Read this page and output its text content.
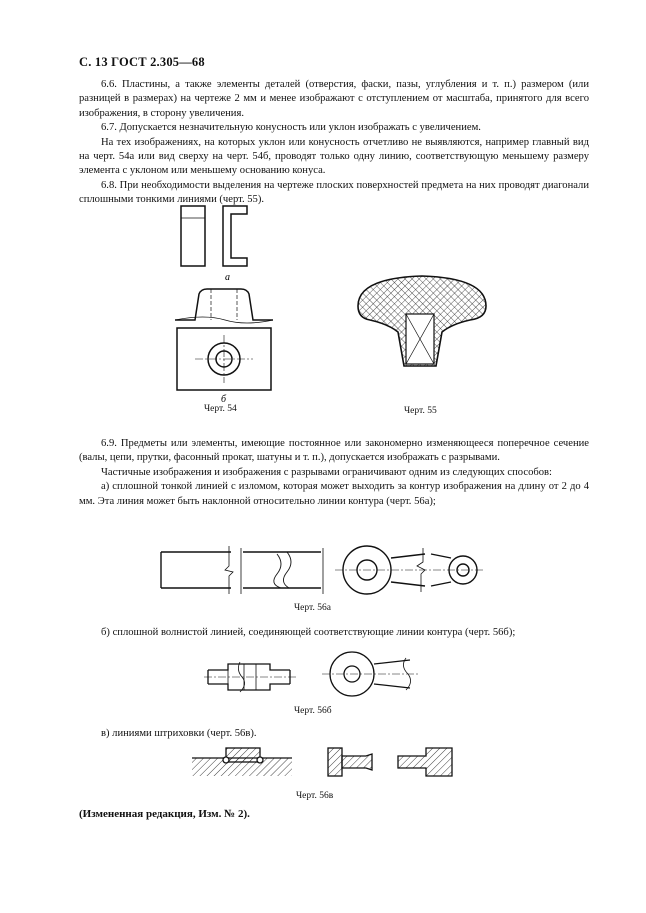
С. 13 ГОСТ 2.305—68

6.6. Пластины, а также элементы деталей (отверстия, фаски, пазы, углубления и т. п.) размером (или разницей в размерах) на чертеже 2 мм и менее изображают с отступлением от масштаба, принятого для всего изображения, в сторону увеличения.

6.7. Допускается незначительную конусность или уклон изображать с увеличением.

На тех изображениях, на которых уклон или конусность отчетливо не выявляются, например главный вид на черт. 54а или вид сверху на черт. 54б, проводят только одну линию, соответствующую меньшему размеру элемента с уклоном или меньшему основанию конуса.

6.8. При необходимости выделения на чертеже плоских поверхностей предмета на них проводят диагонали сплошными тонкими линиями (черт. 55).

а
б
Черт. 54	Черт. 55

6.9. Предметы или элементы, имеющие постоянное или закономерно изменяющееся поперечное сечение (валы, цепи, прутки, фасонный прокат, шатуны и т. п.), допускается изображать с разрывами.

Частичные изображения и изображения с разрывами ограничивают одним из следующих способов:

а) сплошной тонкой линией с изломом, которая может выходить за контур изображения на длину от 2 до 4 мм. Эта линия может быть наклонной относительно линии контура (черт. 56а);

Черт. 56а

б) сплошной волнистой линией, соединяющей соответствующие линии контура (черт. 56б);

Черт. 56б

в) линиями штриховки (черт. 56в).

Черт. 56в
(Измененная редакция, Изм. № 2).
